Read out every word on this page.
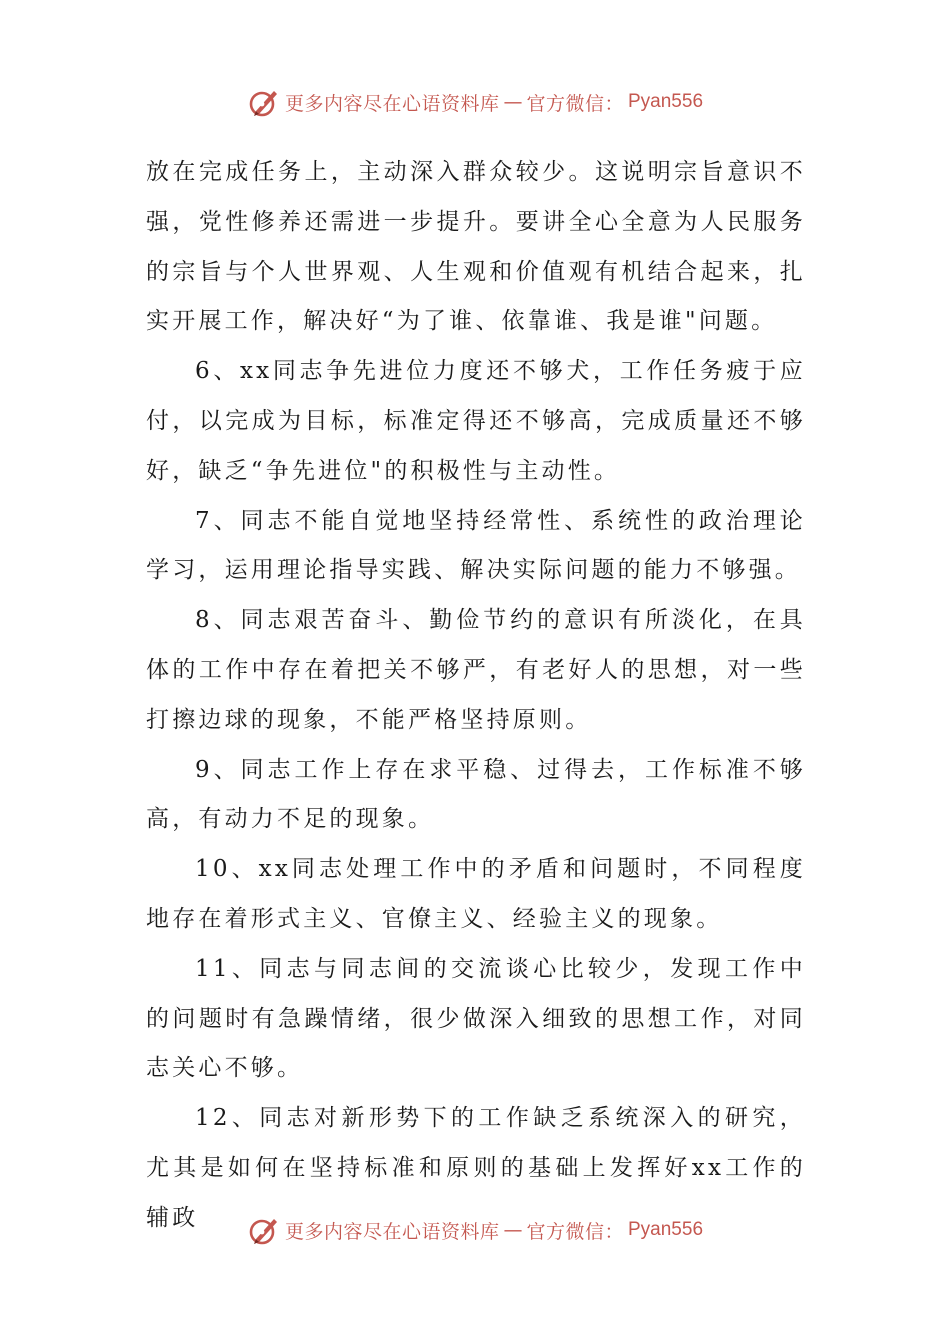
更多内容尽在心语资料库 — 官方微信： Pyan556

放在完成任务上，主动深入群众较少。这说明宗旨意识不强，党性修养还需进一步提升。要讲全心全意为人民服务的宗旨与个人世界观、人生观和价值观有机结合起来，扎实开展工作，解决好“为了谁、依靠谁、我是谁"问题。

6、xx同志争先进位力度还不够犬，工作任务疲于应付，以完成为目标，标准定得还不够高，完成质量还不够好，缺乏“争先进位"的积极性与主动性。

7、同志不能自觉地坚持经常性、系统性的政治理论学习，运用理论指导实践、解决实际问题的能力不够强。

8、同志艰苦奋斗、勤俭节约的意识有所淡化，在具体的工作中存在着把关不够严，有老好人的思想，对一些打擦边球的现象，不能严格坚持原则。

9、同志工作上存在求平稳、过得去，工作标准不够高，有动力不足的现象。

10、xx同志处理工作中的矛盾和问题时，不同程度地存在着形式主义、官僚主义、经验主义的现象。

11、同志与同志间的交流谈心比较少，发现工作中的问题时有急躁情绪，很少做深入细致的思想工作，对同志关心不够。

12、同志对新形势下的工作缺乏系统深入的研究，尤其是如何在坚持标准和原则的基础上发挥好xx工作的辅政

更多内容尽在心语资料库 — 官方微信： Pyan556
